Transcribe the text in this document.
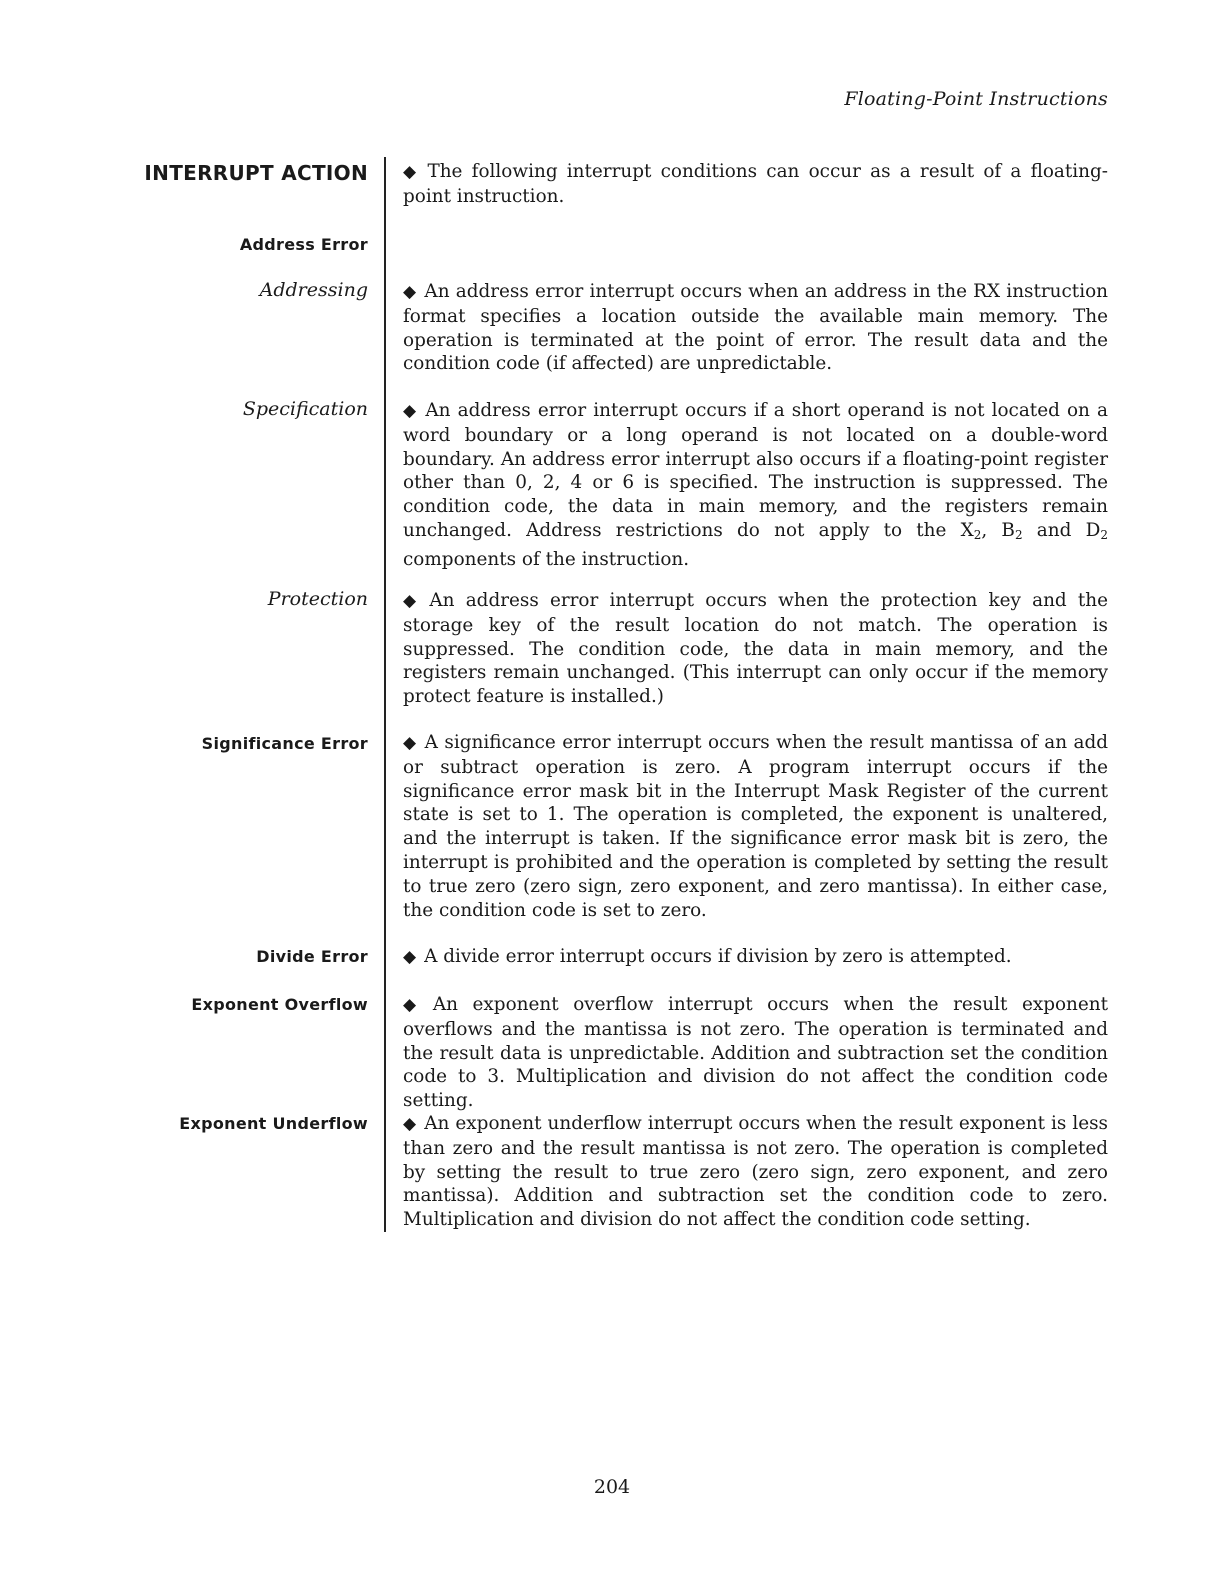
Floating-Point Instructions
INTERRUPT ACTION ◆ The following interrupt conditions can occur as a result of a floating-point instruction.
Address Error
Addressing ◆ An address error interrupt occurs when an address in the RX instruction format specifies a location outside the available main memory. The operation is terminated at the point of error. The result data and the condition code (if affected) are unpredictable.
Specification ◆ An address error interrupt occurs if a short operand is not located on a word boundary or a long operand is not located on a double-word boundary. An address error interrupt also occurs if a floating-point register other than 0, 2, 4 or 6 is specified. The instruction is suppressed. The condition code, the data in main memory, and the registers remain unchanged. Address restrictions do not apply to the $X_2$, $B_2$ and $D_2$ components of the instruction.
Protection ◆ An address error interrupt occurs when the protection key and the storage key of the result location do not match. The operation is suppressed. The condition code, the data in main memory, and the registers remain unchanged. (This interrupt can only occur if the memory protect feature is installed.)
Significance Error ◆ A significance error interrupt occurs when the result mantissa of an add or subtract operation is zero. A program interrupt occurs if the significance error mask bit in the Interrupt Mask Register of the current state is set to 1. The operation is completed, the exponent is unaltered, and the interrupt is taken. If the significance error mask bit is zero, the interrupt is prohibited and the operation is completed by setting the result to true zero (zero sign, zero exponent, and zero mantissa). In either case, the condition code is set to zero.
Divide Error ◆ A divide error interrupt occurs if division by zero is attempted.
Exponent Overflow ◆ An exponent overflow interrupt occurs when the result exponent overflows and the mantissa is not zero. The operation is terminated and the result data is unpredictable. Addition and subtraction set the condition code to 3. Multiplication and division do not affect the condition code setting.
Exponent Underflow ◆ An exponent underflow interrupt occurs when the result exponent is less than zero and the result mantissa is not zero. The operation is completed by setting the result to true zero (zero sign, zero exponent, and zero mantissa). Addition and subtraction set the condition code to zero. Multiplication and division do not affect the condition code setting.
204
